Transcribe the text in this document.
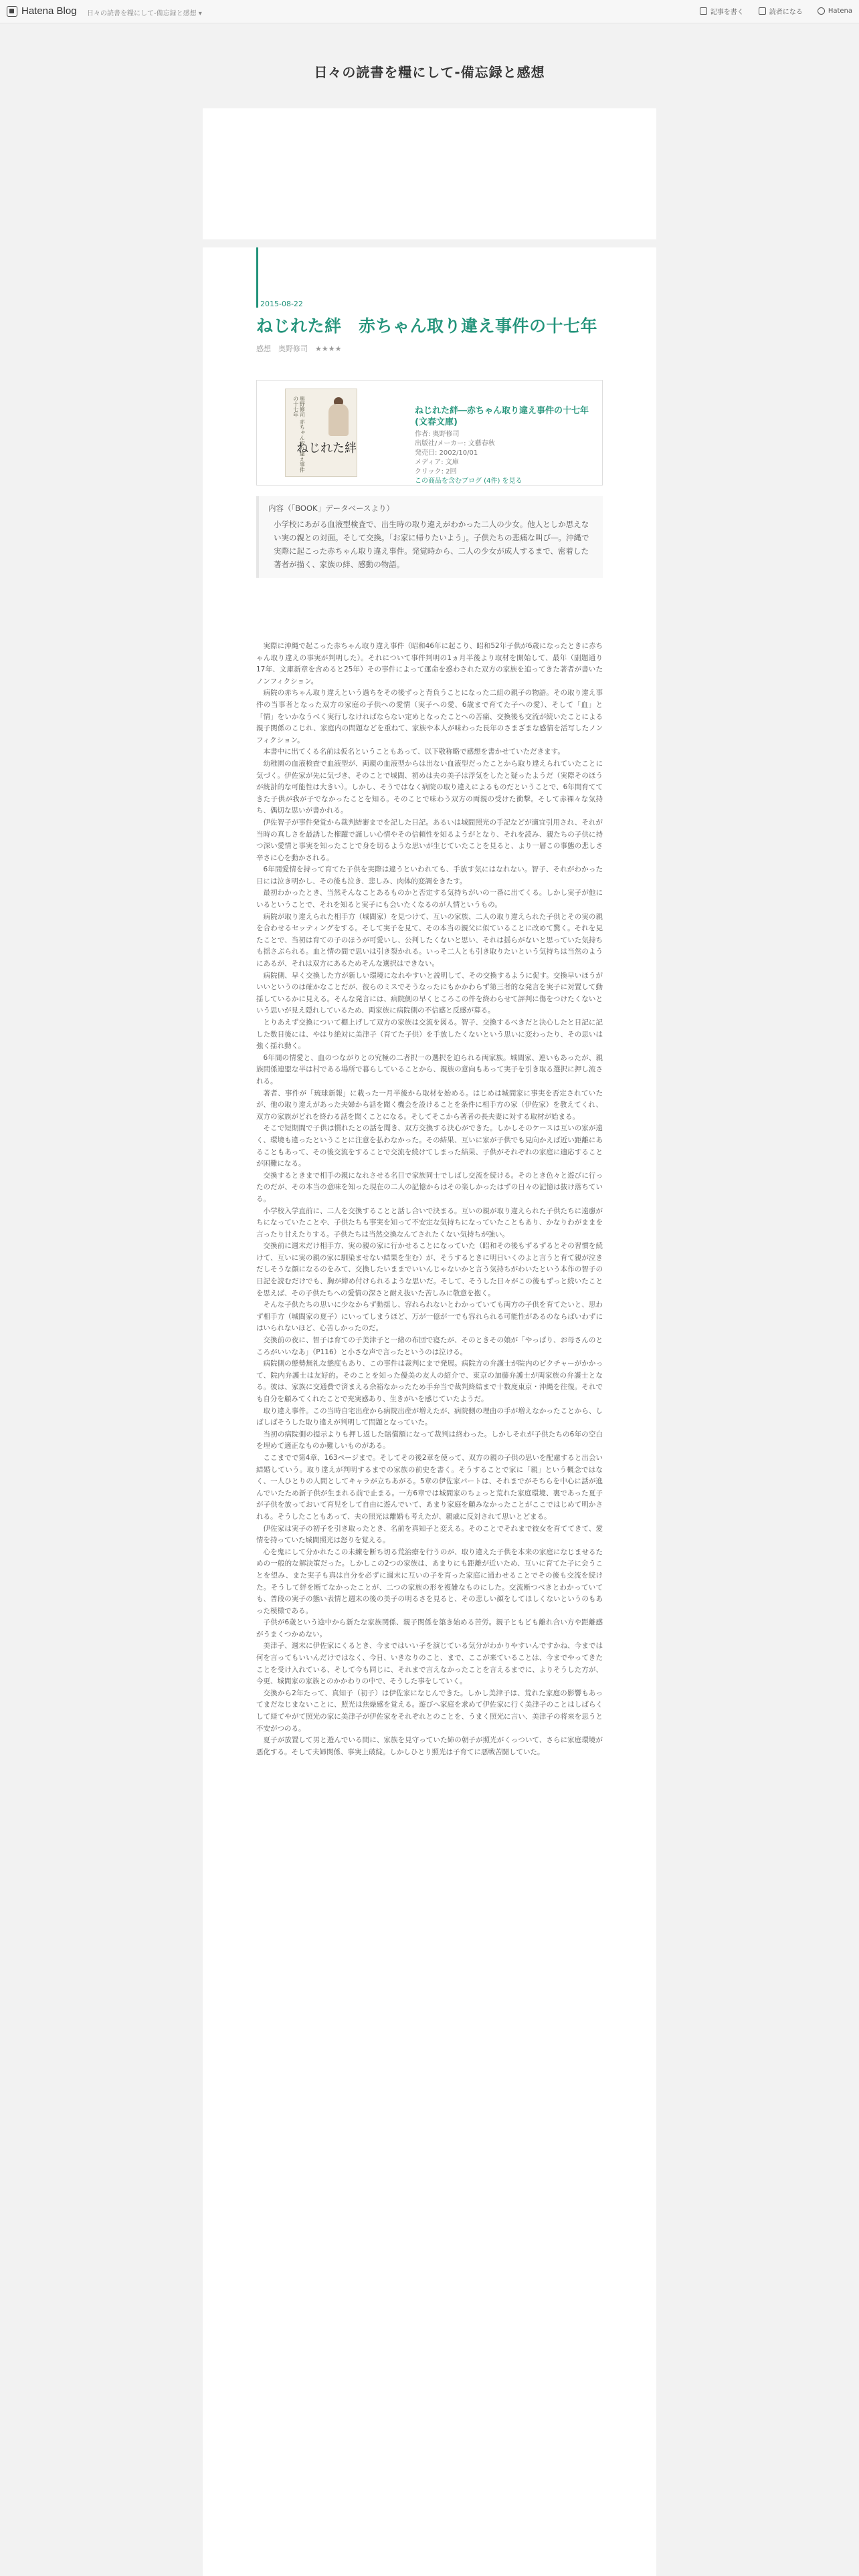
Hatena Blog 日々の読書を糧にして-備忘録と感想 ▾	記事を書く	読者になる	Hatena
日々の読書を糧にして-備忘録と感想
2015-08-22
ねじれた絆　赤ちゃん取り違え事件の十七年
感想　奥野修司　★★★★
奥野修司 赤ちゃん取り違え事件の十七年
ねじれた絆
ねじれた絆―赤ちゃん取り違え事件の十七年 (文春文庫)
作者: 奥野修司
出版社/メーカー: 文藝春秋
発売日: 2002/10/01
メディア: 文庫
クリック: 2回
この商品を含むブログ (4件) を見る
内容（「BOOK」データベースより）
小学校にあがる血液型検査で、出生時の取り違えがわかった二人の少女。他人としか思えない実の親との対面。そして交換。「お家に帰りたいよう」。子供たちの悲痛な叫び―。沖縄で実際に起こった赤ちゃん取り違え事件。発覚時から、二人の少女が成人するまで、密着した著者が描く、家族の絆、感動の物語。

実際に沖縄で起こった赤ちゃん取り違え事件（昭和46年に起こり、昭和52年子供が6歳になったときに赤ちゃん取り違えの事実が判明した）。それについて事件判明の1ヵ月半後より取材を開始して、最年（副題通り17年、文庫新章を含めると25年）その事件によって運命を惑わされた双方の家族を追ってきた著者が書いたノンフィクション。

病院の赤ちゃん取り違えという過ちをその後ずっと背負うことになった二組の親子の物語。その取り違え事件の当事者となった双方の家庭の子供への愛情（実子への愛、6歳まで育てた子への愛）、そして「血」と「情」をいかなうべく実行しなければならない定めとなったことへの苦痛、交換後も交流が続いたことによる親子関係のこじれ、家庭内の問題などを重ねて、家族や本人が味わった長年のさまざまな感情を活写したノンフィクション。

本書中に出てくる名前は仮名ということもあって、以下敬称略で感想を書かせていただきます。

幼稚園の血液検査で血液型が、両親の血液型からは出ない血液型だったことから取り違えられていたことに気づく。伊佐家が先に気づき、そのことで城間、初めは夫の美子は浮気をしたと疑ったようだ（実際そのほうが統計的な可能性は大きい）。しかし、そうではなく病院の取り違えによるものだということで、6年間育ててきた子供が我が子でなかったことを知る。そのことで味わう双方の両親の受けた衝撃。そして赤裸々な気持ち、偶切な思いが書かれる。

伊佐智子が事件発覚から裁判結審までを記した日記。あるいは城間照光の手記などが適宜引用され、それが当時の真しさを最誘した権躍で謹しい心情やその信頼性を知るようがとなり、それを読み、親たちの子供に持つ深い愛情と事実を知ったことで身を切るような思いが生じていたことを見ると、より一層この事態の悲しさ辛さに心を動かされる。

6年間愛情を持って育てた子供を実際は違うといわれても、手放す気にはなれない。智子、それがわかった日には泣き明かし、その後も泣き、悲しみ、肉体的変調をきたす。

最初わかったとき、当然そんなことあるものかと否定する気持ちがいの一番に出てくる。しかし実子が他にいるということで、それを知ると実子にも会いたくなるのが人情というもの。

病院が取り違えられた相手方（城間家）を見つけて、互いの家族、二人の取り違えられた子供とその実の親を合わせるセッティングをする。そして実子を見て、その本当の親父に似ていることに改めて驚く。それを見たことで、当初は育ての子のほうが可愛いし、公判したくないと思い、それは揺らがないと思っていた気持ちも揺さぶられる。血と情の間で思いは引き裂かれる。いっそ二人とも引き取りたいという気持ちは当然のようにあるが、それは双方にあるためそんな選択はできない。

病院側、早く交換した方が新しい環境になれやすいと説明して、その交換するように促す。交換早いほうがいいというのは確かなことだが、彼らのミスでそうなったにもかかわらず第三者的な発言を実子に対置して動揺しているかに見える。そんな発言には、病院側の早くところこの件を終わらせて評判に傷をつけたくないという思いが見え隠れしているため、両家族に病院側の不信感と反感が募る。

とりあえず交換について棚上げして双方の家族は交流を図る。智子、交換するべきだと決心したと日記に記した数日後には、やはり絶対に美津子（育てた子供）を手放したくないという思いに変わったり、その思いは強く揺れ動く。

6年間の情愛と、血のつながりとの究極の二者択一の選択を迫られる両家族。城間家、連いもあったが、親族間係連盟な半は村である場所で暮らしていることから、親族の意向もあって実子を引き取る選択に押し流される。

著者、事件が「琉球新報」に載った一月半後から取材を始める。はじめは城間家に事実を否定されていたが、他の取り違えがあった夫婦から話を聞く機会を設けることを条件に相手方の家（伊佐家）を教えてくれ、双方の家族がどれを終わる話を聞くことになる。そしてそこから著者の長夫妻に対する取材が始まる。

そこで短期間で子供は慣れたとの話を聞き、双方交換する決心ができた。しかしそのケースは互いの家が遠く、環境も違ったということに注意を払わなかった。その結果、互いに家が子供でも見向かえば近い距離にあることもあって、その後交流をすることで交流を続けてしまった結果、子供がそれぞれの家庭に適応することが困難になる。

交換するときまで相手の親になれさせる名目で家族同士でしばし交流を続ける。そのとき色々と遊びに行ったのだが、その本当の意味を知った現在の二人の記憶からはその楽しかったはずの日々の記憶は抜け落ちている。

小学校入学直前に、二人を交換することと話し合いで決まる。互いの親が取り違えられた子供たちに遠慮がちになっていたことや、子供たちも事実を知って不安定な気持ちになっていたこともあり、かなりわがままを言ったり甘えたりする。子供たちは当然交換なんてされたくない気持ちが強い。

交換前に週末だけ相手方、実の親の家に行かせることになっていた（昭和その後もずるずるとその習慣を続けて、互いに実の親の家に馴染ませない結果を生む）が、そうするときに明日いくのよと言うと育て親が泣きだしそうな顔になるのをみて、交換したいままでいいんじゃないかと言う気持ちがわいたという本作の智子の日記を読むだけでも、胸が締め付けられるような思いだ。そして、そうした日々がこの後もずっと続いたことを思えば、その子供たちへの愛情の深さと耐え抜いた苦しみに敬意を抱く。

そんな子供たちの思いに少なからず動揺し、容れられないとわかっていても両方の子供を育てたいと、思わず相手方（城間家の夏子）にいってしまうほど、万が一億が一でも容れられる可能性があるのならばいわずにはいられないほど、心苦しかったのだ。

交換前の夜に、智子は育ての子美津子と一緒の布団で寝たが、そのときその娘が「やっぱり、お母さんのところがいいなあ」（P116）と小さな声で言ったというのは泣ける。

病院側の態勢無礼な態度もあり、この事件は裁判にまで発展。病院方の弁護士が院内のピクチャーがかかって、院内弁護士は友好的。そのことを知った優美の友人の紹介で、東京の加藤弁護士が両家族の弁護士となる。彼は、家族に交通費で済まえる余裕なかったため手弁当で裁判終結まで十数度東京・沖縄を往復。それでも自分を顧みてくれたことで充実感あり、生きがいを感じていたようだ。

取り違え事件。この当時自宅出産から病院出産が増えたが、病院側の理由の手が増えなかったことから、しばしばそうした取り違えが判明して問題となっていた。

当初の病院側の提示よりも押し返した賠償額になって裁判は終わった。しかしそれが子供たちの6年の空白を埋めて適正なものか難しいものがある。

ここまでで第4章、163ページまで。そしてその後2章を使って、双方の親の子供の思いを配慮すると出会い結婚していう。取り違えが判明するまでの家族の前史を書く。そうすることで家に「親」という概念ではなく、一人ひとりの人間としてキャラが立ちあがる。5章の伊佐家パートは、それまでがそちらを中心に話が進んでいたため新子供が生まれる前で止まる。一方6章では城間家のちょっと荒れた家庭環境、裏であった夏子が子供を放っておいて育児をして自由に遊んでいて、あまり家庭を顧みなかったことがここではじめて明かされる。そうしたこともあって、夫の照光は離婚も考えたが、親戚に反対されて思いとどまる。

伊佐家は実子の初子を引き取ったとき、名前を真知子と変える。そのことでそれまで彼女を育ててきて、愛情を持っていた城間照光は怒りを覚える。

心を鬼にして分かれたこの未練を断ち切る荒治療を行うのが、取り違えた子供を本来の家庭になじませるための一般的な解決策だった。しかしこの2つの家族は、あまりにも距離が近いため、互いに育てた子に会うことを望み、また実子も真は自分を必ずに週末に互いの子を育った家庭に通わせることでその後も交流を続けた。そうして絆を断てなかったことが、二つの家族の形を複雑なものにした。交流断つべきとわかっていても、普段の実子の態い表情と週末の後の美子の明るさを見ると、その悲しい顔をしてほしくないというのもあった模様である。

子供が6歳という途中から新たな家族関係、親子関係を築き始める苦労。親子ともども離れ合い方や距離感がうまくつかめない。

美津子、週末に伊佐家にくるとき、今まではいい子を演じている気分がわかりやすいんですかね、今までは何を言ってもいいんだけではなく、今日、いきなりのこと、まで、ここが来ていることは、今までやってきたことを受け入れている、そして今も同じに、それまで言えなかったことを言えるまでに、よりそうした方が、今更、城間家の家族とのかかわりの中で、そうした事をしていく。

交換から2年たって、真知子（初子）は伊佐家になじんできた。しかし美津子は、荒れた家庭の影響もあってまだなじまないことに、照光は焦燥感を覚える。遊びへ家庭を求めて伊佐家に行く美津子のことはしばらくして経てやがて照光の家に美津子が伊佐家をそれぞれとのことを、うまく照光に言い、美津子の将来を思うと不安がつのる。

夏子が放置して男と遊んでいる間に、家族を見守っていた姉の朝子が照光がくっついて、さらに家庭環境が悪化する。そして夫婦関係、事実上破綻。しかしひとり照光は子育てに悪戦苦闘していた。
